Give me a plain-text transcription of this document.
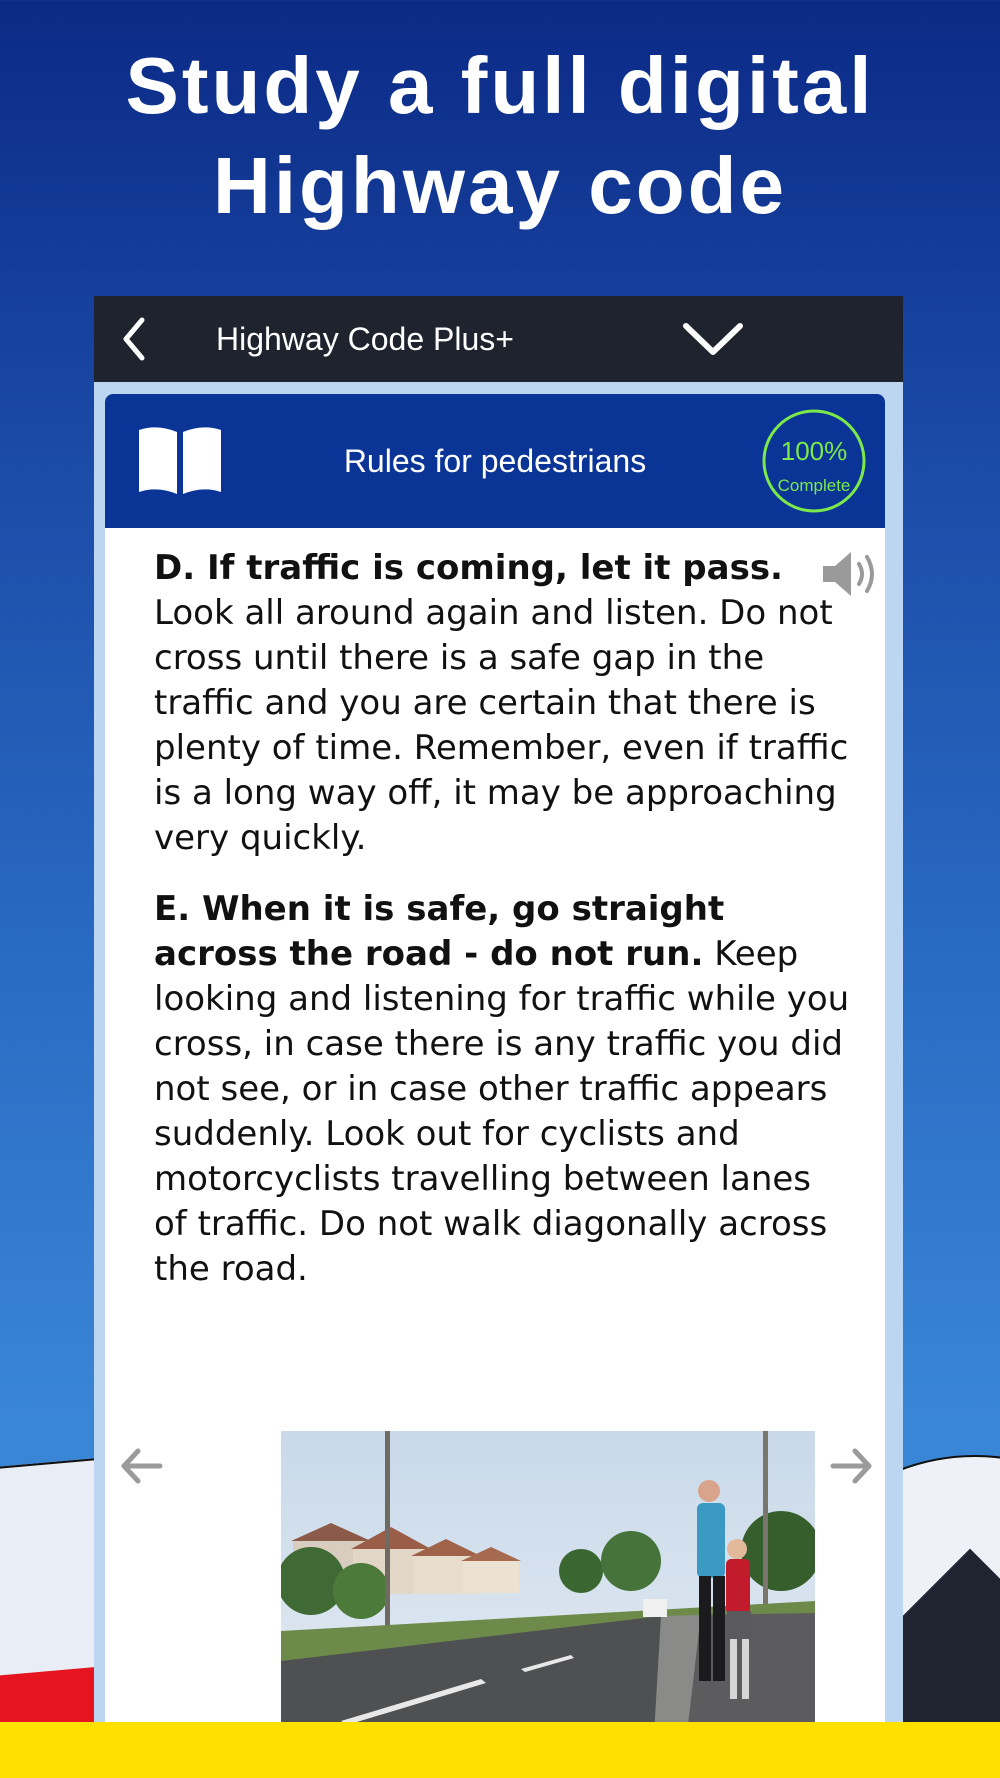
Study a full digital
Highway code
Highway Code Plus+
Rules for pedestrians	100%
Complete

D. If traffic is coming, let it pass. Look all around again and listen. Do not cross until there is a safe gap in the traffic and you are certain that there is plenty of time. Remember, even if traffic is a long way off, it may be approaching very quickly.

E. When it is safe, go straight across the road - do not run. Keep looking and listening for traffic while you cross, in case there is any traffic you did not see, or in case other traffic appears suddenly. Look out for cyclists and motorcyclists travelling between lanes of traffic. Do not walk diagonally across the road.
